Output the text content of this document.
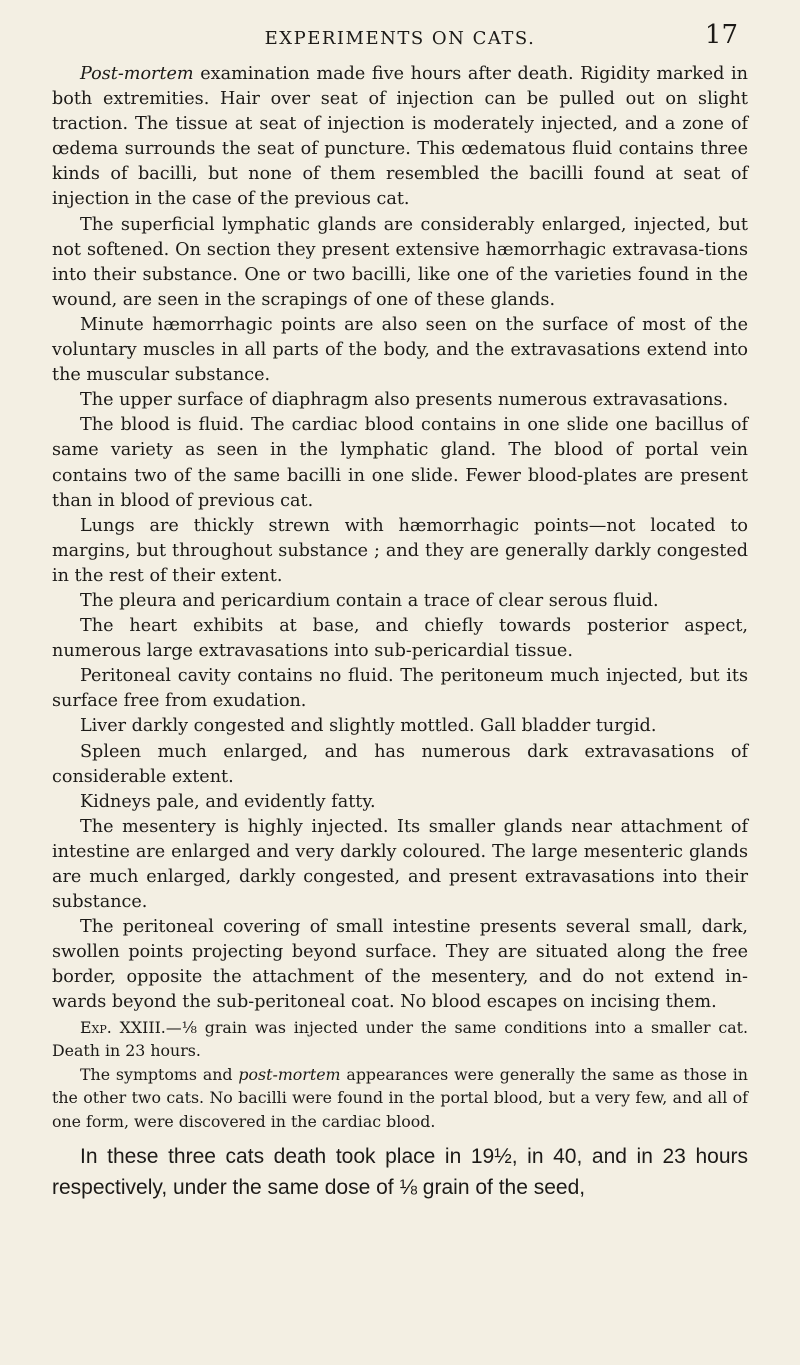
EXPERIMENTS ON CATS.	17

Post-mortem examination made five hours after death. Rigidity marked in both extremities. Hair over seat of injection can be pulled out on slight traction. The tissue at seat of injection is moderately injected, and a zone of œdema surrounds the seat of puncture. This œdematous fluid contains three kinds of bacilli, but none of them resembled the bacilli found at seat of injection in the case of the previous cat.

The superficial lymphatic glands are considerably enlarged, injected, but not softened. On section they present extensive hæmorrhagic extravasa-tions into their substance. One or two bacilli, like one of the varieties found in the wound, are seen in the scrapings of one of these glands.

Minute hæmorrhagic points are also seen on the surface of most of the voluntary muscles in all parts of the body, and the extravasations extend into the muscular substance.

The upper surface of diaphragm also presents numerous extravasations.

The blood is fluid. The cardiac blood contains in one slide one bacillus of same variety as seen in the lymphatic gland. The blood of portal vein contains two of the same bacilli in one slide. Fewer blood-plates are present than in blood of previous cat.

Lungs are thickly strewn with hæmorrhagic points—not located to margins, but throughout substance ; and they are generally darkly congested in the rest of their extent.

The pleura and pericardium contain a trace of clear serous fluid.

The heart exhibits at base, and chiefly towards posterior aspect, numerous large extravasations into sub-pericardial tissue.

Peritoneal cavity contains no fluid. The peritoneum much injected, but its surface free from exudation.

Liver darkly congested and slightly mottled. Gall bladder turgid.

Spleen much enlarged, and has numerous dark extravasations of considerable extent.

Kidneys pale, and evidently fatty.

The mesentery is highly injected. Its smaller glands near attachment of intestine are enlarged and very darkly coloured. The large mesenteric glands are much enlarged, darkly congested, and present extravasations into their substance.

The peritoneal covering of small intestine presents several small, dark, swollen points projecting beyond surface. They are situated along the free border, opposite the attachment of the mesentery, and do not extend in-wards beyond the sub-peritoneal coat. No blood escapes on incising them.

Exp. XXIII.—⅛ grain was injected under the same conditions into a smaller cat. Death in 23 hours.

The symptoms and post-mortem appearances were generally the same as those in the other two cats. No bacilli were found in the portal blood, but a very few, and all of one form, were discovered in the cardiac blood.

In these three cats death took place in 19½, in 40, and in 23 hours respectively, under the same dose of ⅛ grain of the seed,
